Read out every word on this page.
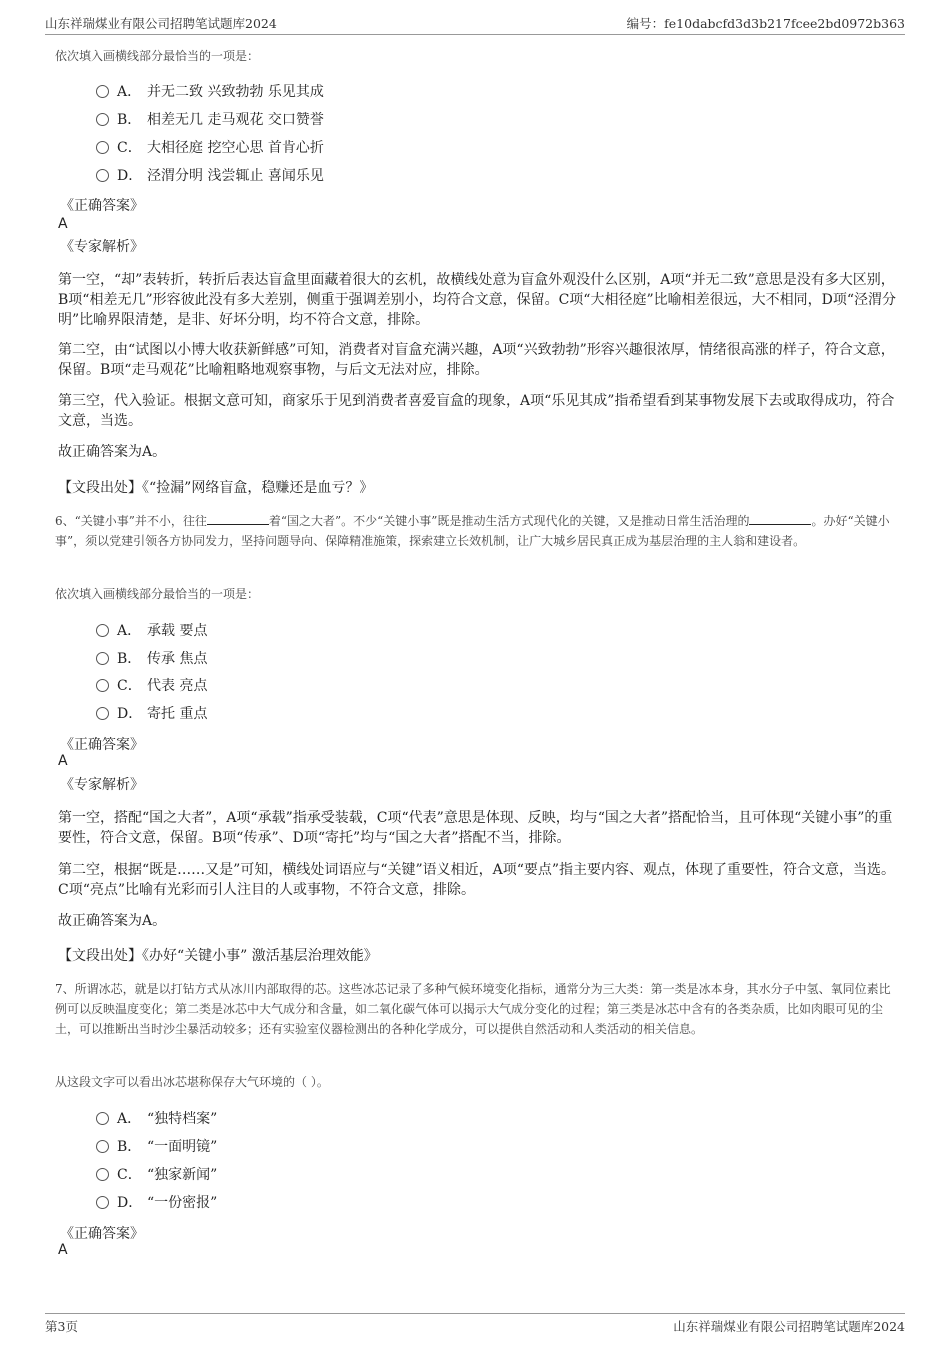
山东祥瑞煤业有限公司招聘笔试题库2024	编号：fe10dabcfd3d3b217fcee2bd0972b363
依次填入画横线部分最恰当的一项是：
A． 并无二致 兴致勃勃 乐见其成
B． 相差无几 走马观花 交口赞誉
C． 大相径庭 挖空心思 首肯心折
D． 泾渭分明 浅尝辄止 喜闻乐见
《正确答案》
A
《专家解析》
第一空，“却”表转折，转折后表达盲盒里面藏着很大的玄机，故横线处意为盲盒外观没什么区别，A项“并无二致”意思是没有多大区别，B项“相差无几”形容彼此没有多大差别，侧重于强调差别小，均符合文意，保留。C项“大相径庭”比喻相差很远，大不相同，D项“泾渭分明”比喻界限清楚，是非、好坏分明，均不符合文意，排除。
第二空，由“试图以小博大收获新鲜感”可知，消费者对盲盒充满兴趣，A项“兴致勃勃”形容兴趣很浓厚，情绪很高涨的样子，符合文意，保留。B项“走马观花”比喻粗略地观察事物，与后文无法对应，排除。
第三空，代入验证。根据文意可知，商家乐于见到消费者喜爱盲盒的现象，A项“乐见其成”指希望看到某事物发展下去或取得成功，符合文意，当选。
故正确答案为A。
【文段出处】《“捡漏”网络盲盒，稳赚还是血亏？》
6、“关键小事”并不小，往往	着“国之大者”。不少“关键小事”既是推动生活方式现代化的关键，又是推动日常生活治理的	。办好“关键小事”，须以党建引领各方协同发力，坚持问题导向、保障精准施策，探索建立长效机制，让广大城乡居民真正成为基层治理的主人翁和建设者。
依次填入画横线部分最恰当的一项是：
A． 承载 要点
B． 传承 焦点
C． 代表 亮点
D． 寄托 重点
《正确答案》
A
《专家解析》
第一空，搭配“国之大者”，A项“承载”指承受装载，C项“代表”意思是体现、反映，均与“国之大者”搭配恰当，且可体现“关键小事”的重要性，符合文意，保留。B项“传承”、D项“寄托”均与“国之大者”搭配不当，排除。
第二空，根据“既是……又是”可知，横线处词语应与“关键”语义相近，A项“要点”指主要内容、观点，体现了重要性，符合文意，当选。C项“亮点”比喻有光彩而引人注目的人或事物，不符合文意，排除。
故正确答案为A。
【文段出处】《办好“关键小事” 激活基层治理效能》
7、所谓冰芯，就是以打钻方式从冰川内部取得的芯。这些冰芯记录了多种气候环境变化指标，通常分为三大类：第一类是冰本身，其水分子中氢、氧同位素比例可以反映温度变化；第二类是冰芯中大气成分和含量，如二氧化碳气体可以揭示大气成分变化的过程；第三类是冰芯中含有的各类杂质，比如肉眼可见的尘土，可以推断出当时沙尘暴活动较多；还有实验室仪器检测出的各种化学成分，可以提供自然活动和人类活动的相关信息。
从这段文字可以看出冰芯堪称保存大气环境的（ ）。
A． “独特档案”
B． “一面明镜”
C． “独家新闻”
D． “一份密报”
《正确答案》
A
第3页	山东祥瑞煤业有限公司招聘笔试题库2024
